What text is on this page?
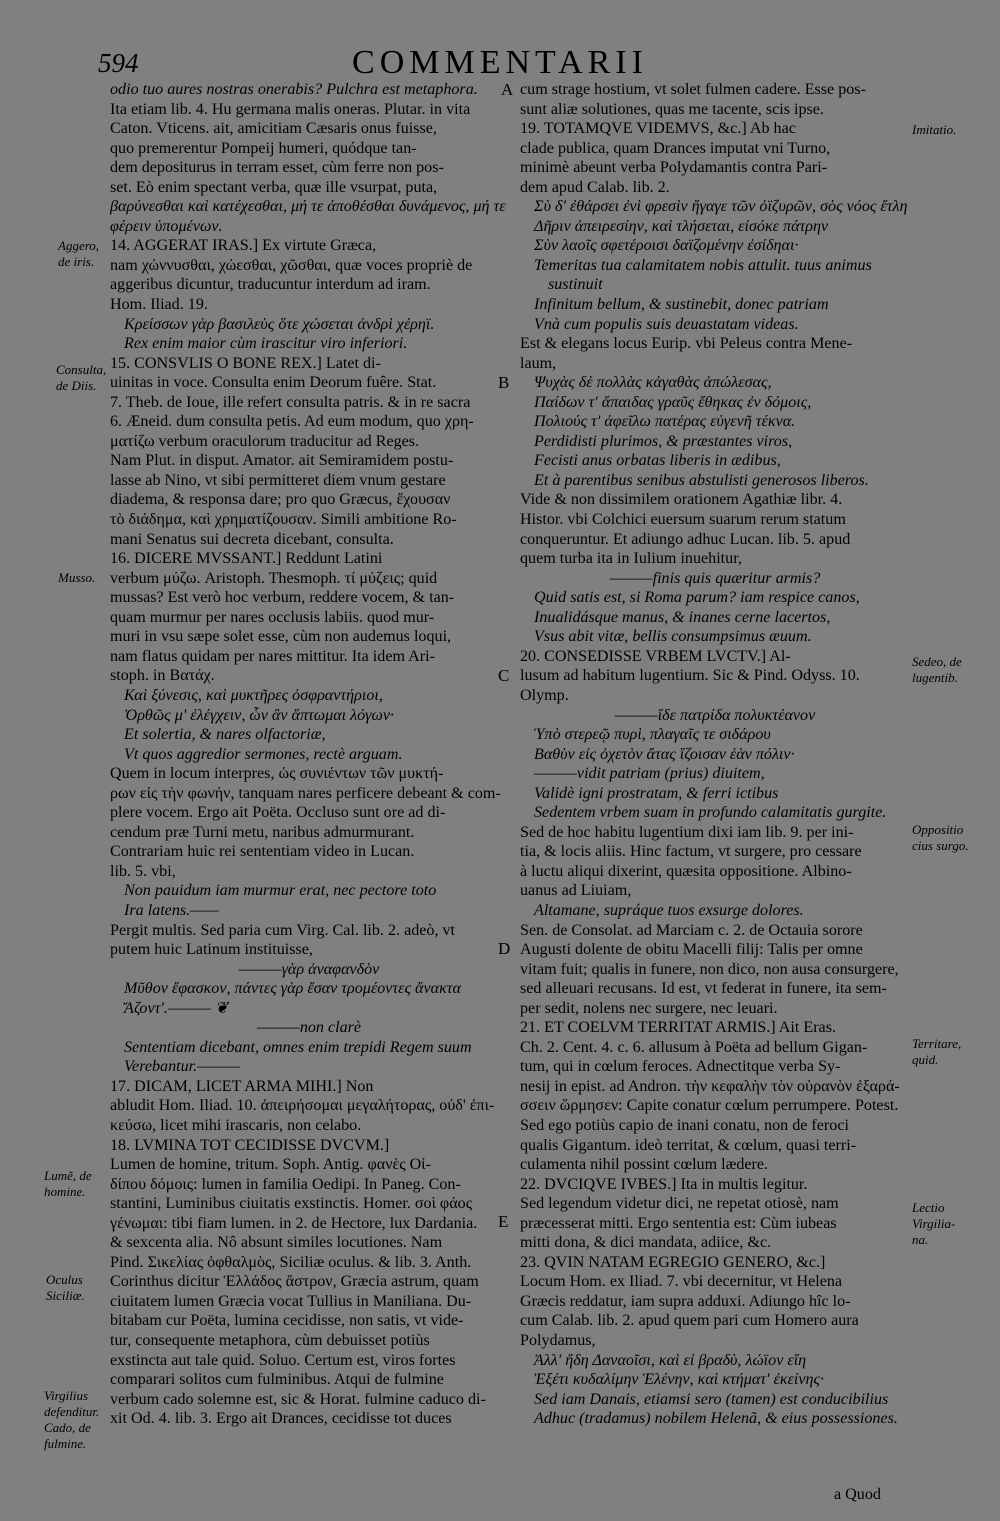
594	COMMENTARII
odio tuo aures nostras onerabis? Pulchra est metaphora.
Ita etiam lib. 4. Hu germana malis oneras. Plutar. in vita
Caton. Vticens. ait, amicitiam Cæsaris onus fuisse,
quo premerentur Pompeij humeri, quódque tan-
dem depositurus in terram esset, cùm ferre non pos-
set. Eò enim spectant verba, quæ ille vsurpat, puta,
βαρύνεσθαι καὶ κατέχεσθαι, μή τε ἀποθέσθαι δυνάμενος, μή τε
φέρειν ὑπομένων.
14. AGGERAT IRAS.] Ex virtute Græca,
nam χώννυσθαι, χώεσθαι, χῶσθαι, quæ voces propriè de
aggeribus dicuntur, traducuntur interdum ad iram.
Hom. Iliad. 19.
Κρείσσων γὰρ βασιλεὺς ὅτε χώσεται ἀνδρὶ χέρηϊ.
Rex enim maior cùm irascitur viro inferiori.
15. CONSVLIS O BONE REX.] Latet di-
uinitas in voce. Consulta enim Deorum fuêre. Stat.
7. Theb. de Ioue, ille refert consulta patris. & in re sacra
6. Æneid. dum consulta petis. Ad eum modum, quo χρη-
ματίζω verbum oraculorum traducitur ad Reges.
Nam Plut. in disput. Amator. ait Semiramidem postu-
lasse ab Nino, vt sibi permitteret diem vnum gestare
diadema, & responsa dare; pro quo Græcus, ἔχουσαν
τὸ διάδημα, καὶ χρηματίζουσαν. Simili ambitione Ro-
mani Senatus sui decreta dicebant, consulta.
16. DICERE MVSSANT.] Reddunt Latini
verbum μύζω. Aristoph. Thesmoph. τί μύζεις; quid
mussas? Est verò hoc verbum, reddere vocem, & tan-
quam murmur per nares occlusis labiis. quod mur-
muri in vsu sæpe solet esse, cùm non audemus loqui,
nam flatus quidam per nares mittitur. Ita idem Ari-
stoph. in Βατάχ.
Καὶ ξύνεσις, καὶ μυκτῆρες ὀσφραντήριοι,
Ὀρθῶς μ' ἐλέγχειν, ὧν ἂν ἅπτωμαι λόγων·
Et solertia, & nares olfactoriæ,
Vt quos aggredior sermones, rectè arguam.
Quem in locum interpres, ὡς συνιέντων τῶν μυκτή-
ρων εἰς τὴν φωνήν, tanquam nares perficere debeant & com-
plere vocem. Ergo ait Poëta. Occluso sunt ore ad di-
cendum præ Turni metu, naribus admurmurant.
Contrariam huic rei sententiam video in Lucan.
lib. 5. vbi,
Non pauidum iam murmur erat, nec pectore toto
Ira latens.——
Pergit multis. Sed paria cum Virg. Cal. lib. 2. adeò, vt
putem huic Latinum instituisse,
———γὰρ ἀναφανδὸν
Μῦθον ἔφασκον, πάντες γὰρ ἔσαν τρομέοντες ἄνακτα
Ἄζοντ'.——— ❦
———non clarè
Sententiam dicebant, omnes enim trepidi Regem suum
Verebantur.———
17. DICAM, LICET ARMA MIHI.] Non
abludit Hom. Iliad. 10. ἀπειρήσομαι μεγαλήτορας, οὐδ' ἐπι-
κεύσω, licet mihi irascaris, non celabo.
18. LVMINA TOT CECIDISSE DVCVM.]
Lumen de homine, tritum. Soph. Antig. φανὲς Οἰ-
δίπου δόμοις: lumen in familia Oedipi. In Paneg. Con-
stantini, Luminibus ciuitatis exstinctis. Homer. σοὶ φάος
γένωμαι: tibi fiam lumen. in 2. de Hectore, lux Dardania.
& sexcenta alia. Nô absunt similes locutiones. Nam
Pind. Σικελίας ὀφθαλμὸς, Siciliæ oculus. & lib. 3. Anth.
Corinthus dicitur Ἑλλάδος ἄστρον, Græcia astrum, quam
ciuitatem lumen Græcia vocat Tullius in Maniliana. Du-
bitabam cur Poëta, lumina cecidisse, non satis, vt vide-
tur, consequente metaphora, cùm debuisset potiùs
exstincta aut tale quid. Soluo. Certum est, viros fortes
comparari solitos cum fulminibus. Atqui de fulmine
verbum cado solemne est, sic & Horat. fulmine caduco di-
xit Od. 4. lib. 3. Ergo ait Drances, cecidisse tot duces
cum strage hostium, vt solet fulmen cadere. Esse pos-
sunt aliæ solutiones, quas me tacente, scis ipse.
19. TOTAMQVE VIDEMVS, &c.] Ab hac
clade publica, quam Drances imputat vni Turno,
minimè abeunt verba Polydamantis contra Pari-
dem apud Calab. lib. 2.
Σὺ δ' ἐθάρσει ἐνὶ φρεσὶν ἤγαγε τῶν ὀϊζυρῶν, σὸς νόος ἔτλη
Δῆριν ἀπειρεσίην, καὶ τλήσεται, εἰσόκε πάτρην
Σὺν λαοῖς σφετέροισι δαϊζομένην ἐσίδηαι·
Temeritas tua calamitatem nobis attulit. tuus animus
sustinuit
Infinitum bellum, & sustinebit, donec patriam
Vnà cum populis suis deuastatam videas.
Est & elegans locus Eurip. vbi Peleus contra Mene-
laum,
Ψυχὰς δὲ πολλὰς κἀγαθὰς ἀπώλεσας,
Παίδων τ' ἄπαιδας γραῦς ἔθηκας ἐν δόμοις,
Πολιούς τ' ἀφεῖλω πατέρας εὐγενῆ τέκνα.
Perdidisti plurimos, & præstantes viros,
Fecisti anus orbatas liberis in ædibus,
Et à parentibus senibus abstulisti generosos liberos.
Vide & non dissimilem orationem Agathiæ libr. 4.
Histor. vbi Colchici euersum suarum rerum statum
conqueruntur. Et adiungo adhuc Lucan. lib. 5. apud
quem turba ita in Iulium inuehitur,
———finis quis quæritur armis?
Quid satis est, si Roma parum? iam respice canos,
Inualidásque manus, & inanes cerne lacertos,
Vsus abit vitæ, bellis consumpsimus æuum.
20. CONSEDISSE VRBEM LVCTV.] Al-
lusum ad habitum lugentium. Sic & Pind. Odyss. 10.
Olymp.
———ἴδε πατρίδα πολυκτέανον
Ὑπὸ στερεῷ πυρὶ, πλαγαῖς τε σιδάρου
Βαθὺν εἰς ὀχετὸν ἄτας ἵζοισαν ἑὰν πόλιν·
———vidit patriam (prius) diuitem,
Validè igni prostratam, & ferri ictibus
Sedentem vrbem suam in profundo calamitatis gurgite.
Sed de hoc habitu lugentium dixi iam lib. 9. per ini-
tia, & locis aliis. Hinc factum, vt surgere, pro cessare
à luctu aliqui dixerint, quæsita oppositione. Albino-
uanus ad Liuiam,
Altamane, supráque tuos exsurge dolores.
Sen. de Consolat. ad Marciam c. 2. de Octauia sorore
Augusti dolente de obitu Macelli filij: Talis per omne
vitam fuit; qualis in funere, non dico, non ausa consurgere,
sed alleuari recusans. Id est, vt federat in funere, ita sem-
per sedit, nolens nec surgere, nec leuari.
21. ET COELVM TERRITAT ARMIS.] Ait Eras.
Ch. 2. Cent. 4. c. 6. allusum à Poëta ad bellum Gigan-
tum, qui in cœlum feroces. Adnectitque verba Sy-
nesij in epist. ad Andron. τὴν κεφαλὴν τὸν οὐρανὸν ἐξαρά-
σσειν ὥρμησεν: Capite conatur cœlum perrumpere. Potest.
Sed ego potiùs capio de inani conatu, non de feroci
qualis Gigantum. ideò territat, & cœlum, quasi terri-
culamenta nihil possint cœlum lædere.
22. DVCIQVE IVBES.] Ita in multis legitur.
Sed legendum videtur dici, ne repetat otiosè, nam
præcesserat mitti. Ergo sententia est: Cùm iubeas
mitti dona, & dici mandata, adiice, &c.
23. QVIN NATAM EGREGIO GENERO, &c.]
Locum Hom. ex Iliad. 7. vbi decernitur, vt Helena
Græcis reddatur, iam supra adduxi. Adiungo hîc lo-
cum Calab. lib. 2. apud quem pari cum Homero aura
Polydamus,
Ἀλλ' ἤδη Δαναοῖσι, καὶ εἰ βραδὺ, λώϊον εἴη
Ἐξέτι κυδαλίμην Ἑλένην, καὶ κτήματ' ἐκείνης·
Sed iam Danais, etiamsi sero (tamen) est conducibilius
Adhuc (tradamus) nobilem Helenã, & eius possessiones.
Aggero,
de iris.
Consulta,
de Diis.
Musso.
Lumẽ, de
homine.
Oculus
Siciliæ.
Virgilius
defenditur.
Cado, de
fulmine.
Imitatio.
Sedeo, de
lugentib.
Oppositio
cius surgo.
Territare,
quid.
Lectio
Virgilia-
na.
A
B
C
D
E
a Quod
